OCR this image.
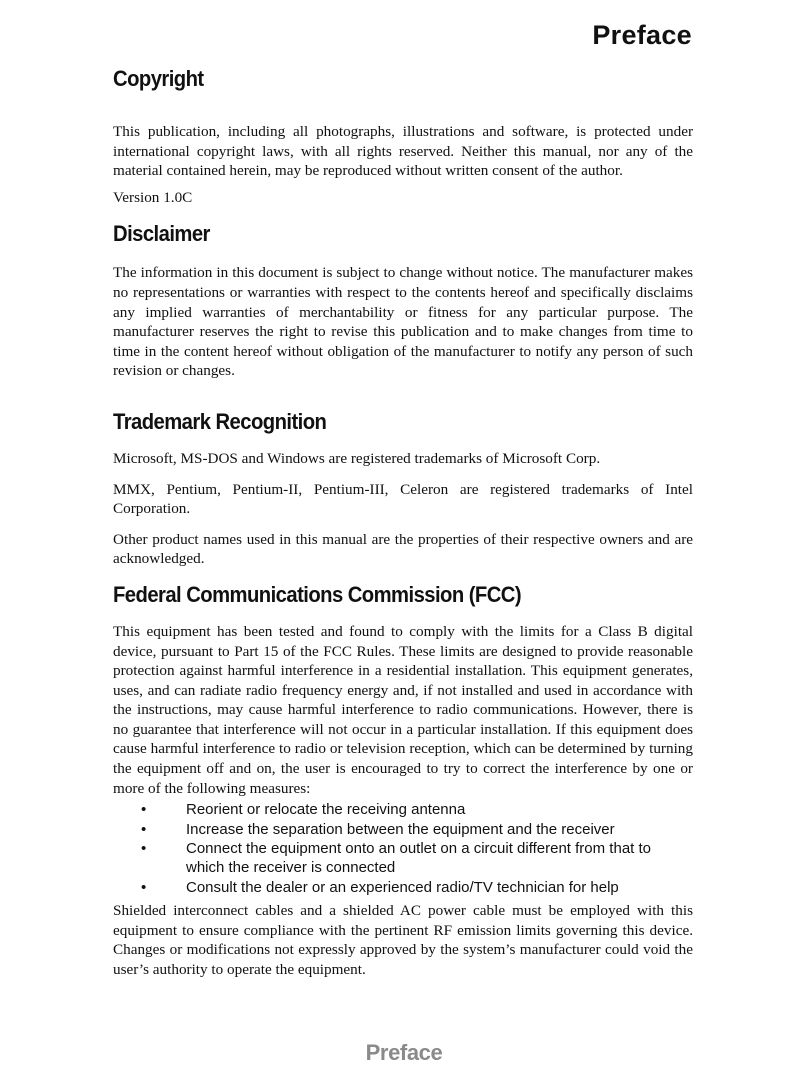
Preface
Copyright

This publication, including all photographs, illustrations and software, is protected under international copyright laws, with all rights reserved. Neither this manual, nor any of the material contained herein, may be reproduced without written consent of the author.

Version 1.0C

Disclaimer

The information in this document is subject to change without notice. The manufacturer makes no representations or warranties with respect to the contents hereof and specifically disclaims any implied warranties of merchantability or fitness for any particular purpose. The manufacturer reserves the right to revise this publication and to make changes from time to time in the content hereof without obligation of the manufacturer to notify any person of such revision or changes.

Trademark Recognition

Microsoft, MS-DOS and Windows are registered trademarks of Microsoft Corp.

MMX, Pentium, Pentium-II, Pentium-III, Celeron are registered trademarks of Intel Corporation.

Other product names used in this manual are the properties of their respective owners and are acknowledged.

Federal Communications Commission (FCC)

This equipment has been tested and found to comply with the limits for a Class B digital device, pursuant to Part 15 of the FCC Rules. These limits are designed to provide reasonable protection against harmful interference in a residential installation. This equipment generates, uses, and can radiate radio frequency energy and, if not installed and used in accordance with the instructions, may cause harmful interference to radio communications. However, there is no guarantee that interference will not occur in a particular installation. If this equipment does cause harmful interference to radio or television reception, which can be determined by turning the equipment off and on, the user is encouraged to try to correct the interference by one or more of the following measures:

•	Reorient or relocate the receiving antenna
•	Increase the separation between the equipment and the receiver
•	Connect the equipment onto an outlet on a circuit different from that to which the receiver is connected
•	Consult the dealer or an experienced radio/TV technician for help

Shielded interconnect cables and a shielded AC power cable must be employed with this equipment to ensure compliance with the pertinent RF emission limits governing this device. Changes or modifications not expressly approved by the system’s manufacturer could void the user’s authority to operate the equipment.

Preface
